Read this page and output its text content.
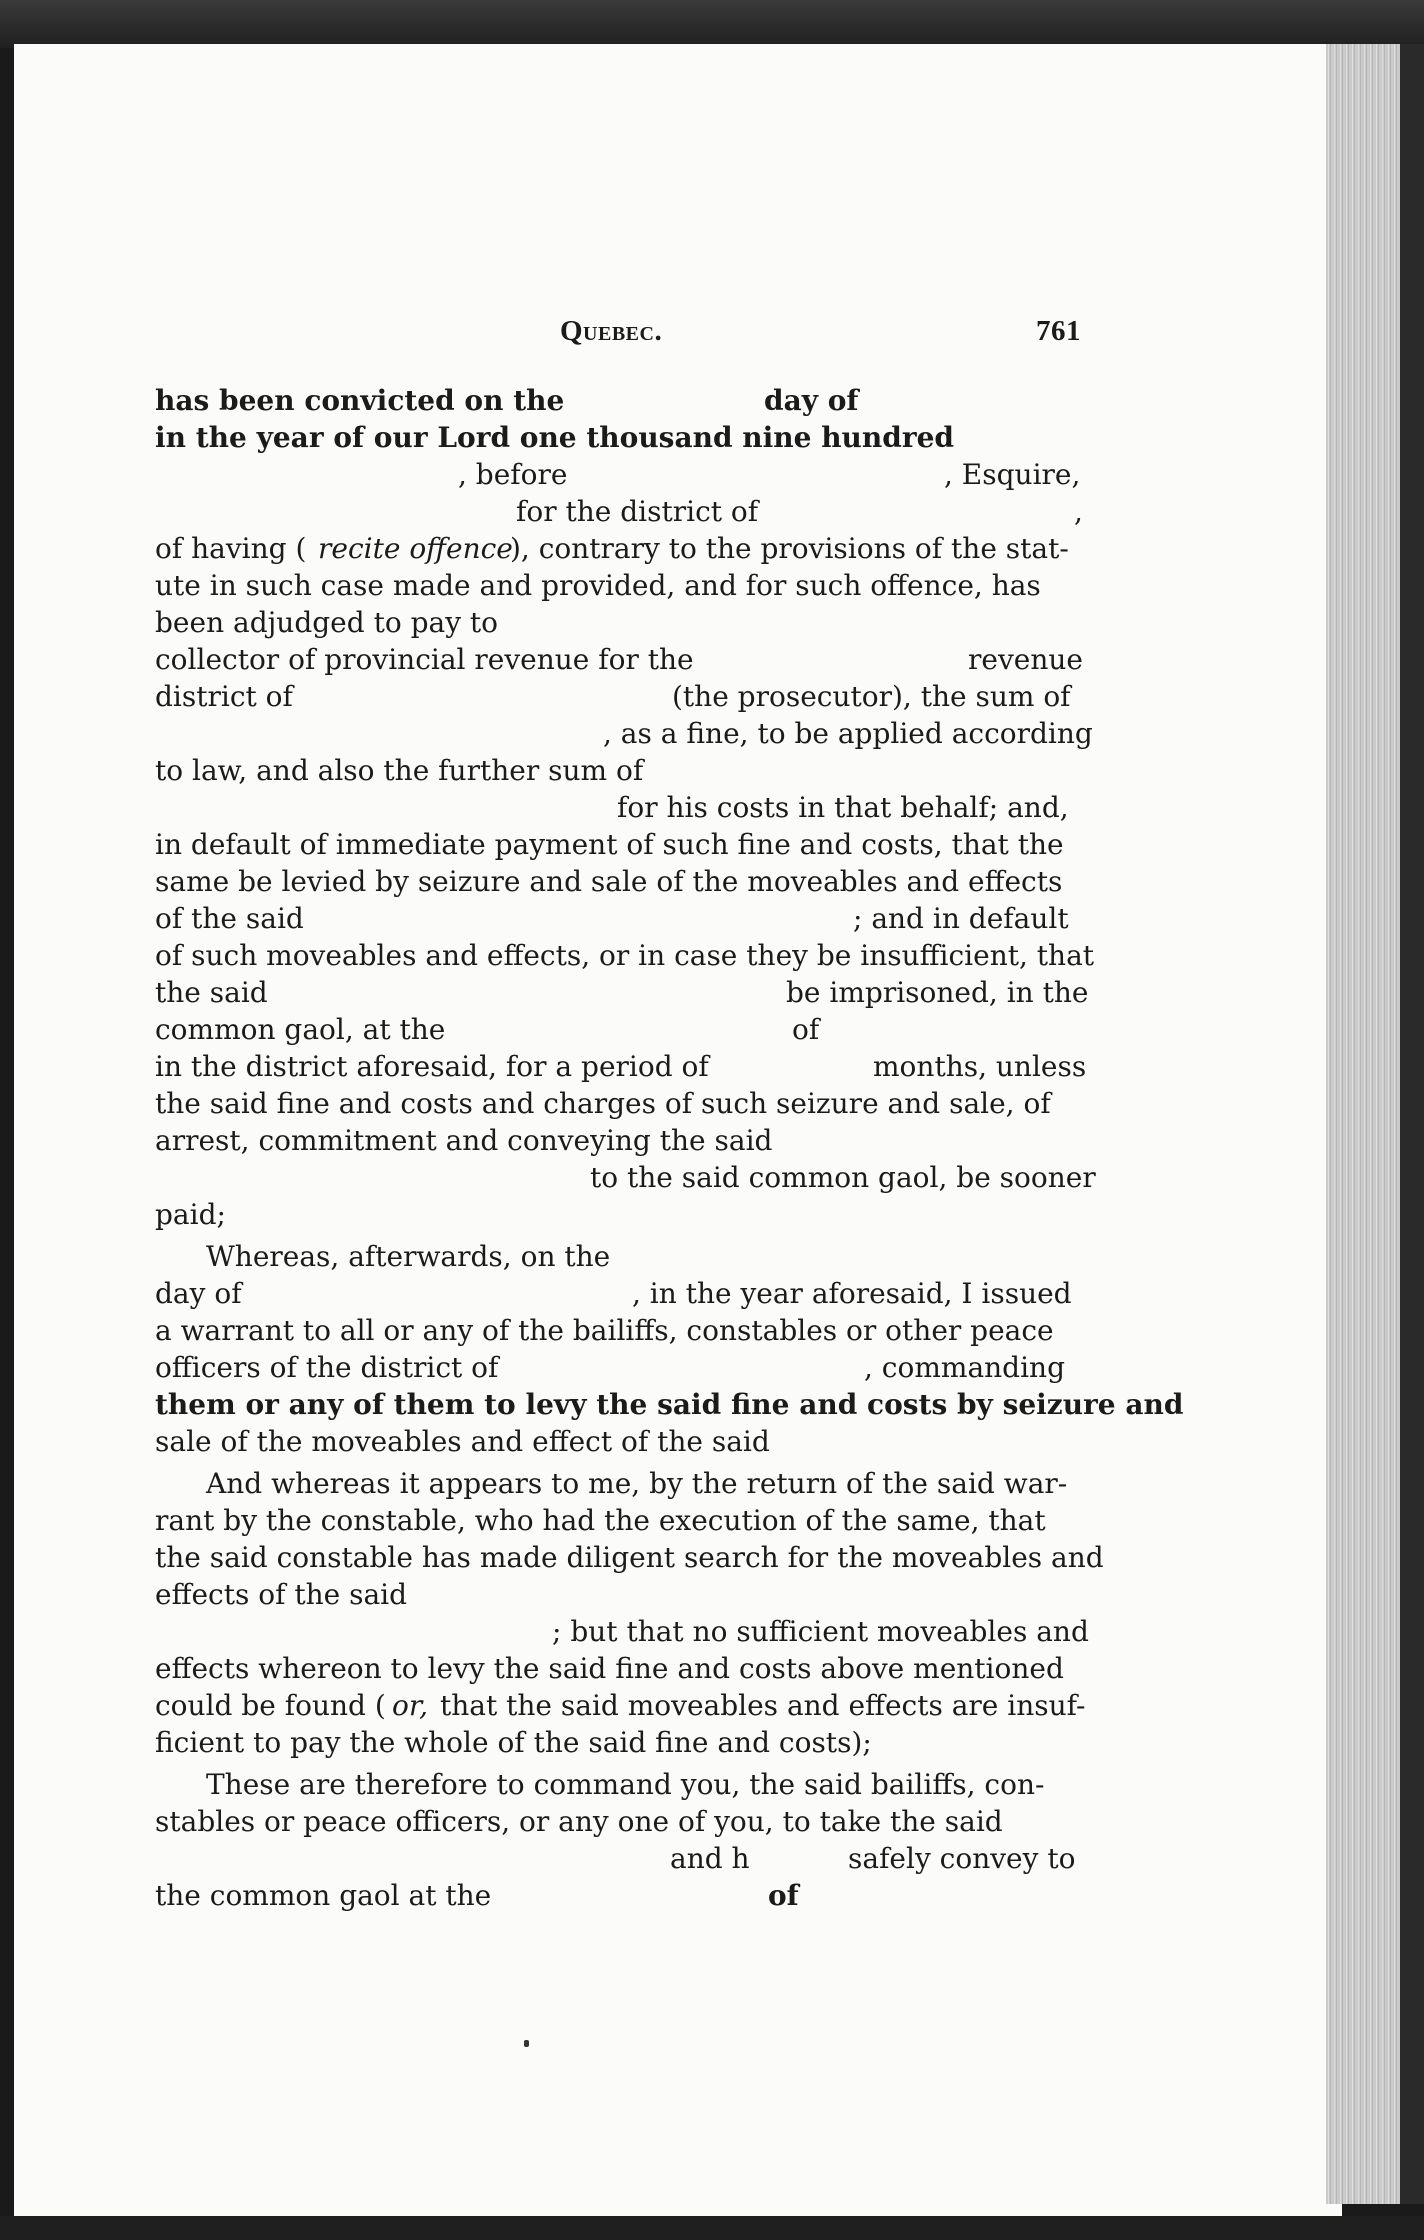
Quebec.	761
has been convicted on the	day of
in the year of our Lord one thousand nine hundred
, before	, Esquire,
for the district of	,
of having ( recite offence
), contrary to the provisions of the stat-
ute in such case made and provided, and for such offence, has
been adjudged to pay to
collector of provincial revenue for the	revenue
district of	(the prosecutor), the sum of
, as a fine, to be applied according
to law, and also the further sum of
for his costs in that behalf; and,
in default of immediate payment of such fine and costs, that the
same be levied by seizure and sale of the moveables and effects
of the said	; and in default
of such moveables and effects, or in case they be insufficient, that
the said	be imprisoned, in the
common gaol, at the	of
in the district aforesaid, for a period of	months, unless
the said fine and costs and charges of such seizure and sale, of
arrest, commitment and conveying the said
to the said common gaol, be sooner
paid;
Whereas, afterwards, on the
day of	, in the year aforesaid, I issued
a warrant to all or any of the bailiffs, constables or other peace
officers of the district of	, commanding
them or any of them to levy the said fine and costs by seizure and
sale of the moveables and effect of the said
And whereas it appears to me, by the return of the said war-
rant by the constable, who had the execution of the same, that
the said constable has made diligent search for the moveables and
effects of the said
; but that no sufficient moveables and
effects whereon to levy the said fine and costs above mentioned
could be found ( or, that the said moveables and effects are insuf-
ficient to pay the whole of the said fine and costs);
These are therefore to command you, the said bailiffs, con-
stables or peace officers, or any one of you, to take the said
and h	safely convey to
the common gaol at the	of
